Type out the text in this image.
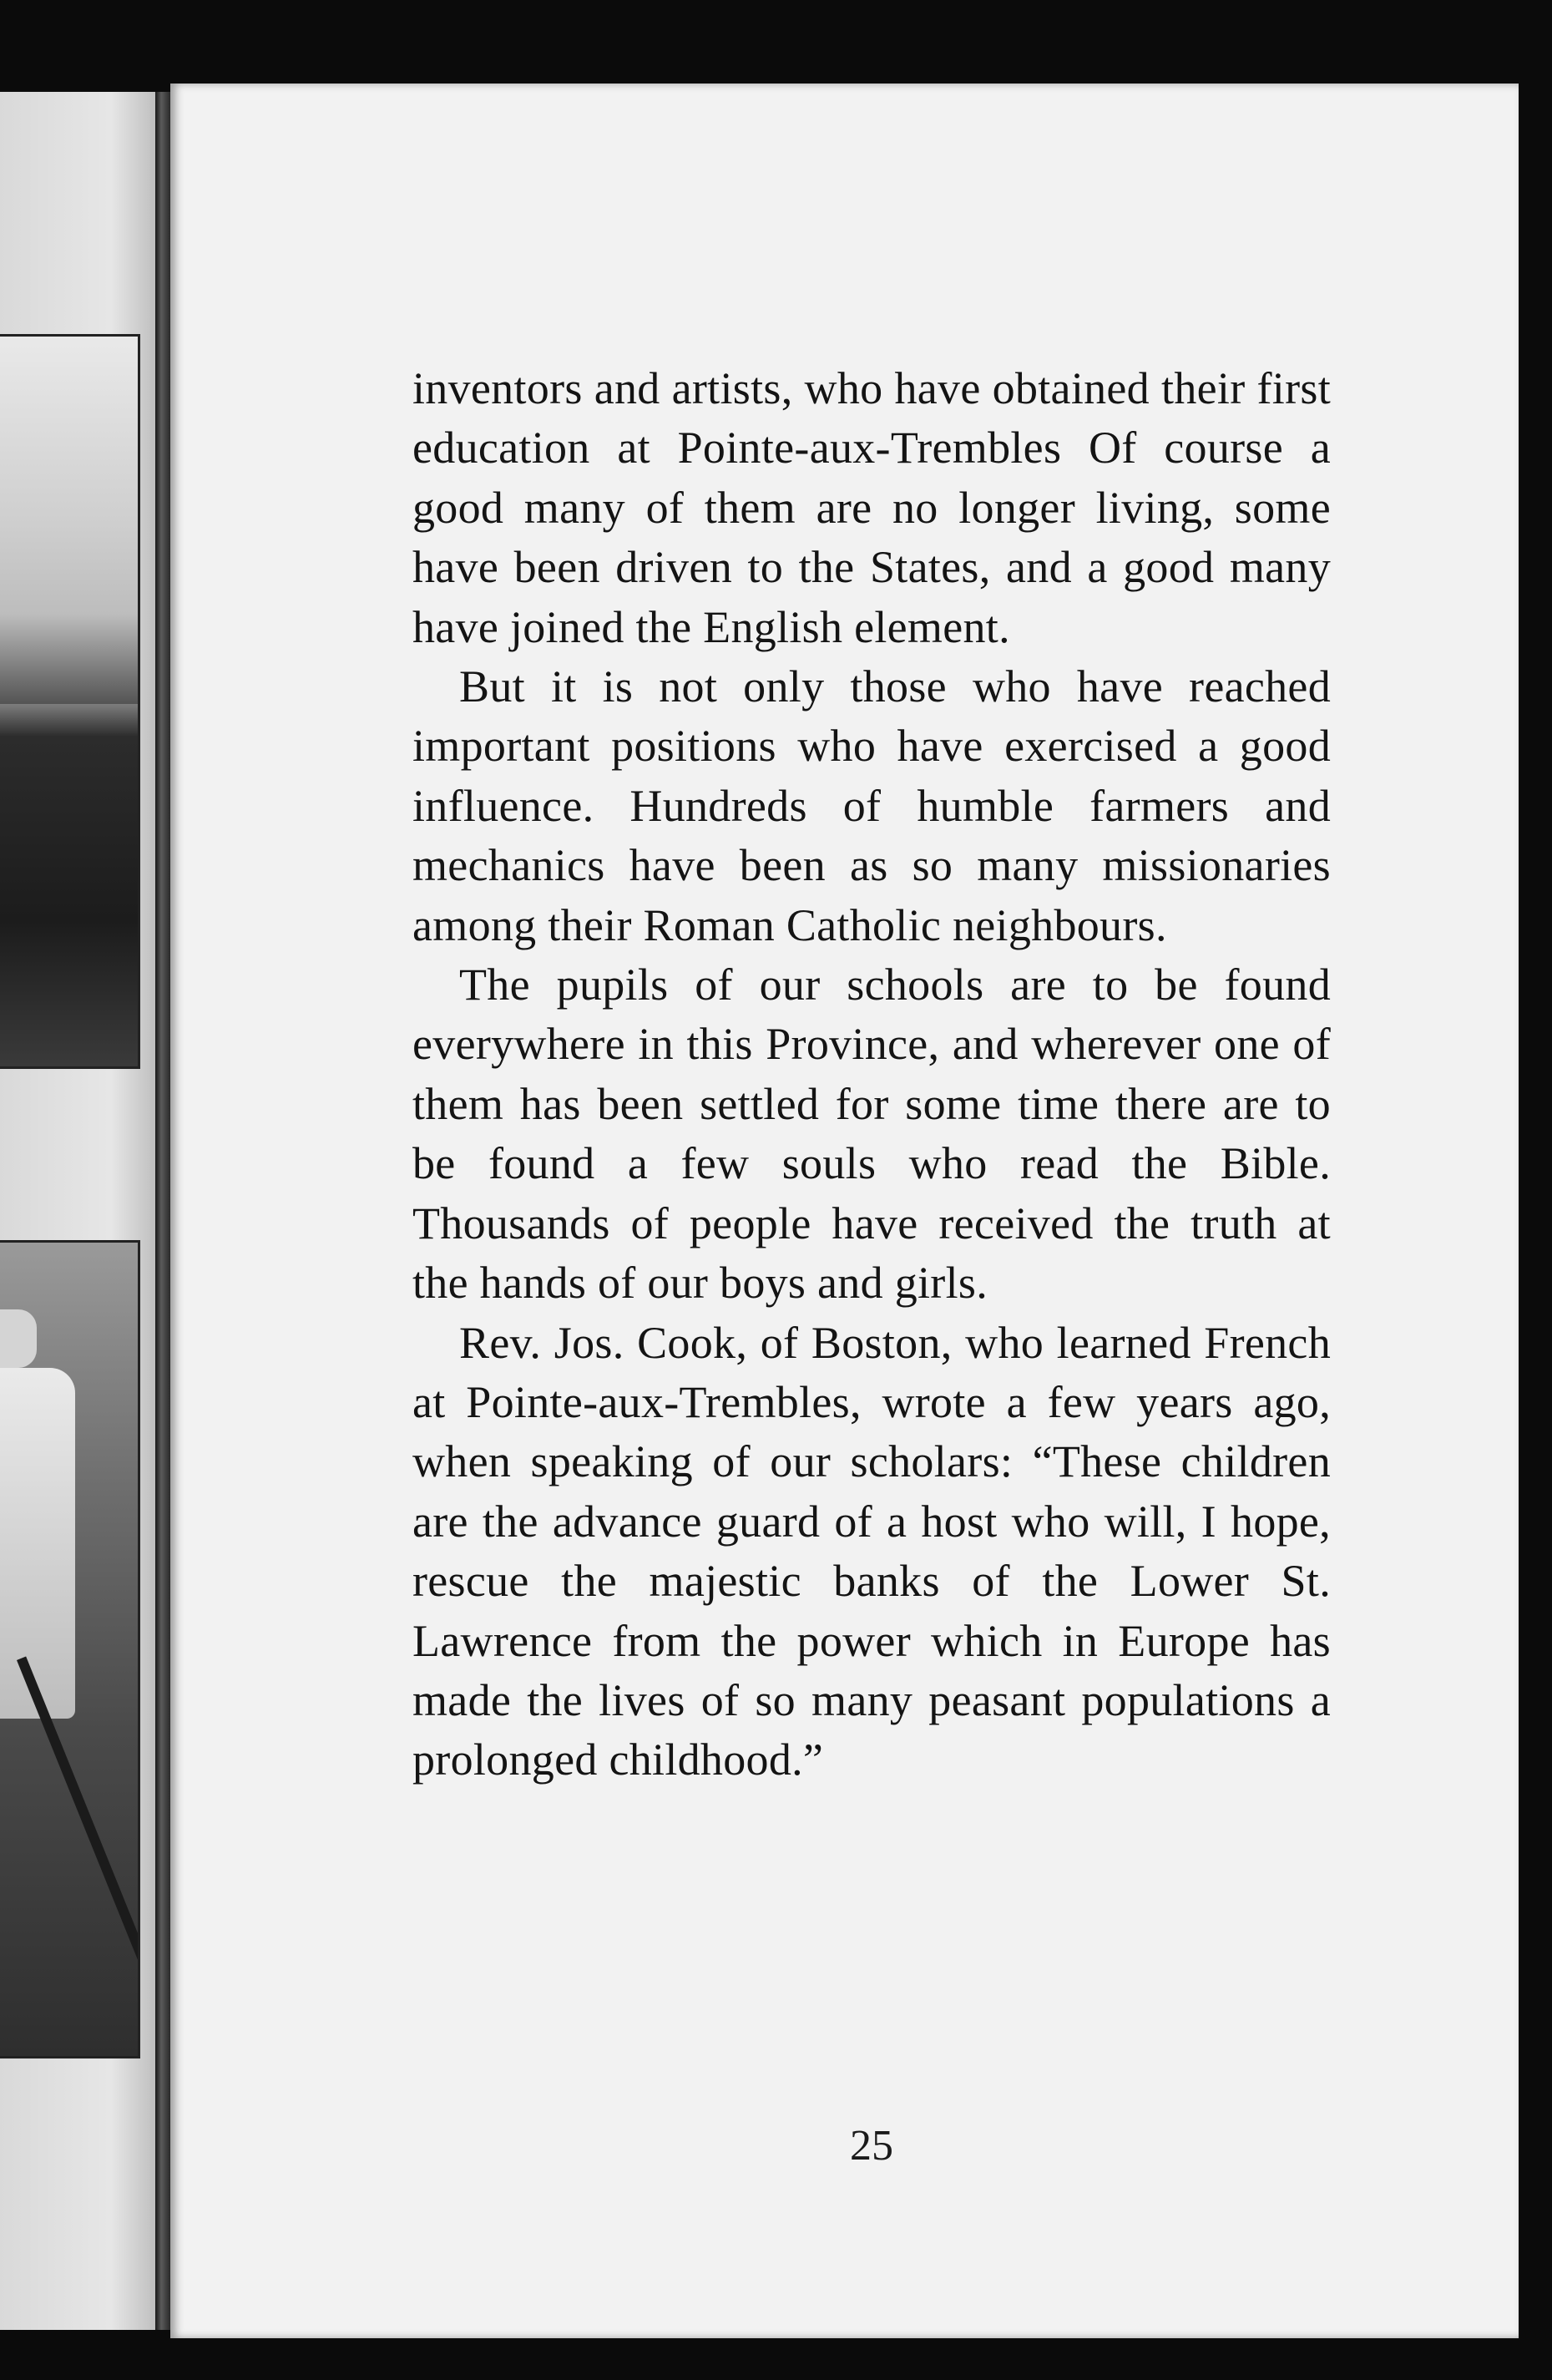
inventors and artists, who have obtained their first education at Pointe-aux-Trembles Of course a good many of them are no longer living, some have been driven to the States, and a good many have joined the English element.

But it is not only those who have reached important positions who have exercised a good influence. Hundreds of humble farmers and mechanics have been as so many missionaries among their Roman Catholic neighbours.

The pupils of our schools are to be found everywhere in this Province, and wherever one of them has been settled for some time there are to be found a few souls who read the Bible. Thousands of people have received the truth at the hands of our boys and girls.

Rev. Jos. Cook, of Boston, who learned French at Pointe-aux-Trembles, wrote a few years ago, when speaking of our scholars: “These children are the advance guard of a host who will, I hope, rescue the majestic banks of the Lower St. Lawrence from the power which in Europe has made the lives of so many peasant populations a prolonged childhood.”

25
